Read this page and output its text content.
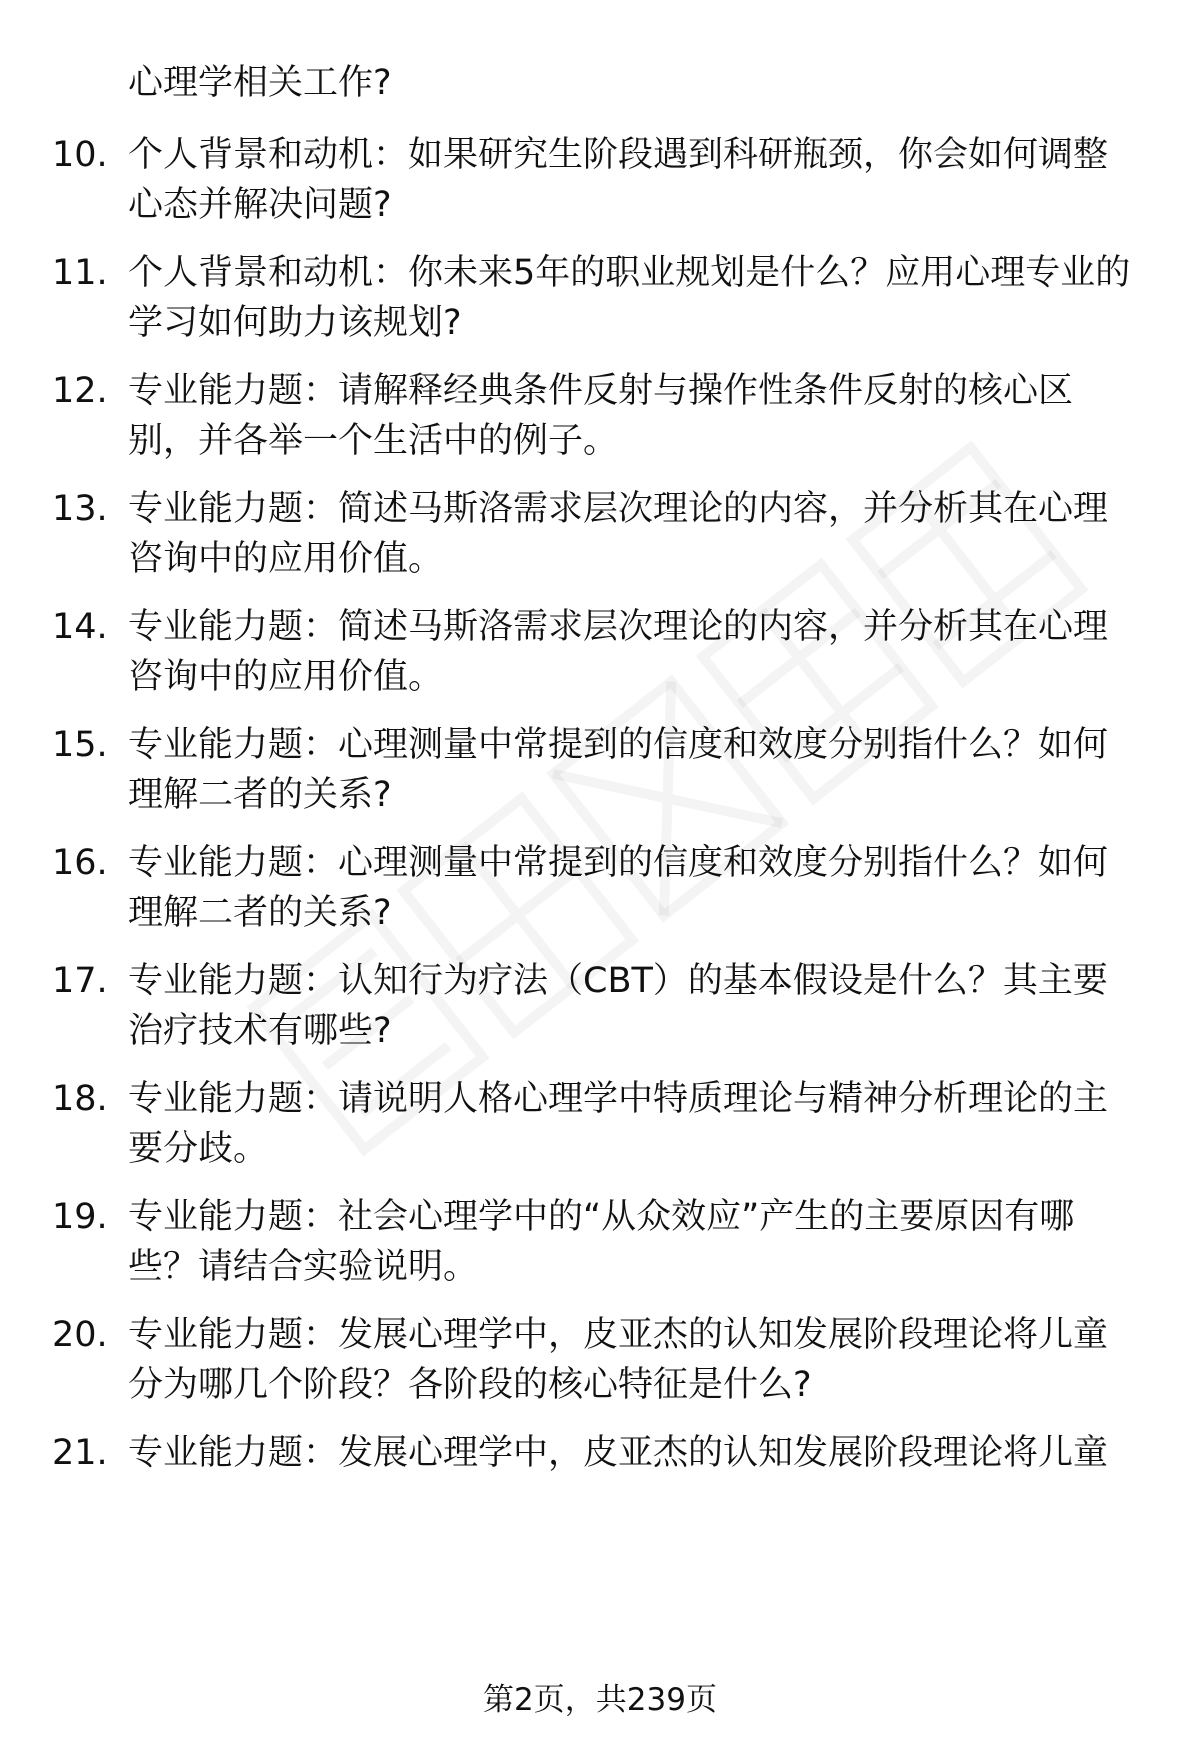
心理学相关工作?
10. 个人背景和动机：如果研究生阶段遇到科研瓶颈，你会如何调整
心态并解决问题?
11. 个人背景和动机：你未来5年的职业规划是什么？应用心理专业的
学习如何助力该规划?
12. 专业能力题：请解释经典条件反射与操作性条件反射的核心区
别，并各举一个生活中的例子。
13. 专业能力题：简述马斯洛需求层次理论的内容，并分析其在心理
咨询中的应用价值。
14. 专业能力题：简述马斯洛需求层次理论的内容，并分析其在心理
咨询中的应用价值。
15. 专业能力题：心理测量中常提到的信度和效度分别指什么？如何
理解二者的关系?
16. 专业能力题：心理测量中常提到的信度和效度分别指什么？如何
理解二者的关系?
17. 专业能力题：认知行为疗法（CBT）的基本假设是什么？其主要
治疗技术有哪些?
18. 专业能力题：请说明人格心理学中特质理论与精神分析理论的主
要分歧。
19. 专业能力题：社会心理学中的“从众效应”产生的主要原因有哪
些？请结合实验说明。
20. 专业能力题：发展心理学中，皮亚杰的认知发展阶段理论将儿童
分为哪几个阶段？各阶段的核心特征是什么?
21. 专业能力题：发展心理学中，皮亚杰的认知发展阶段理论将儿童
第2页，共239页
